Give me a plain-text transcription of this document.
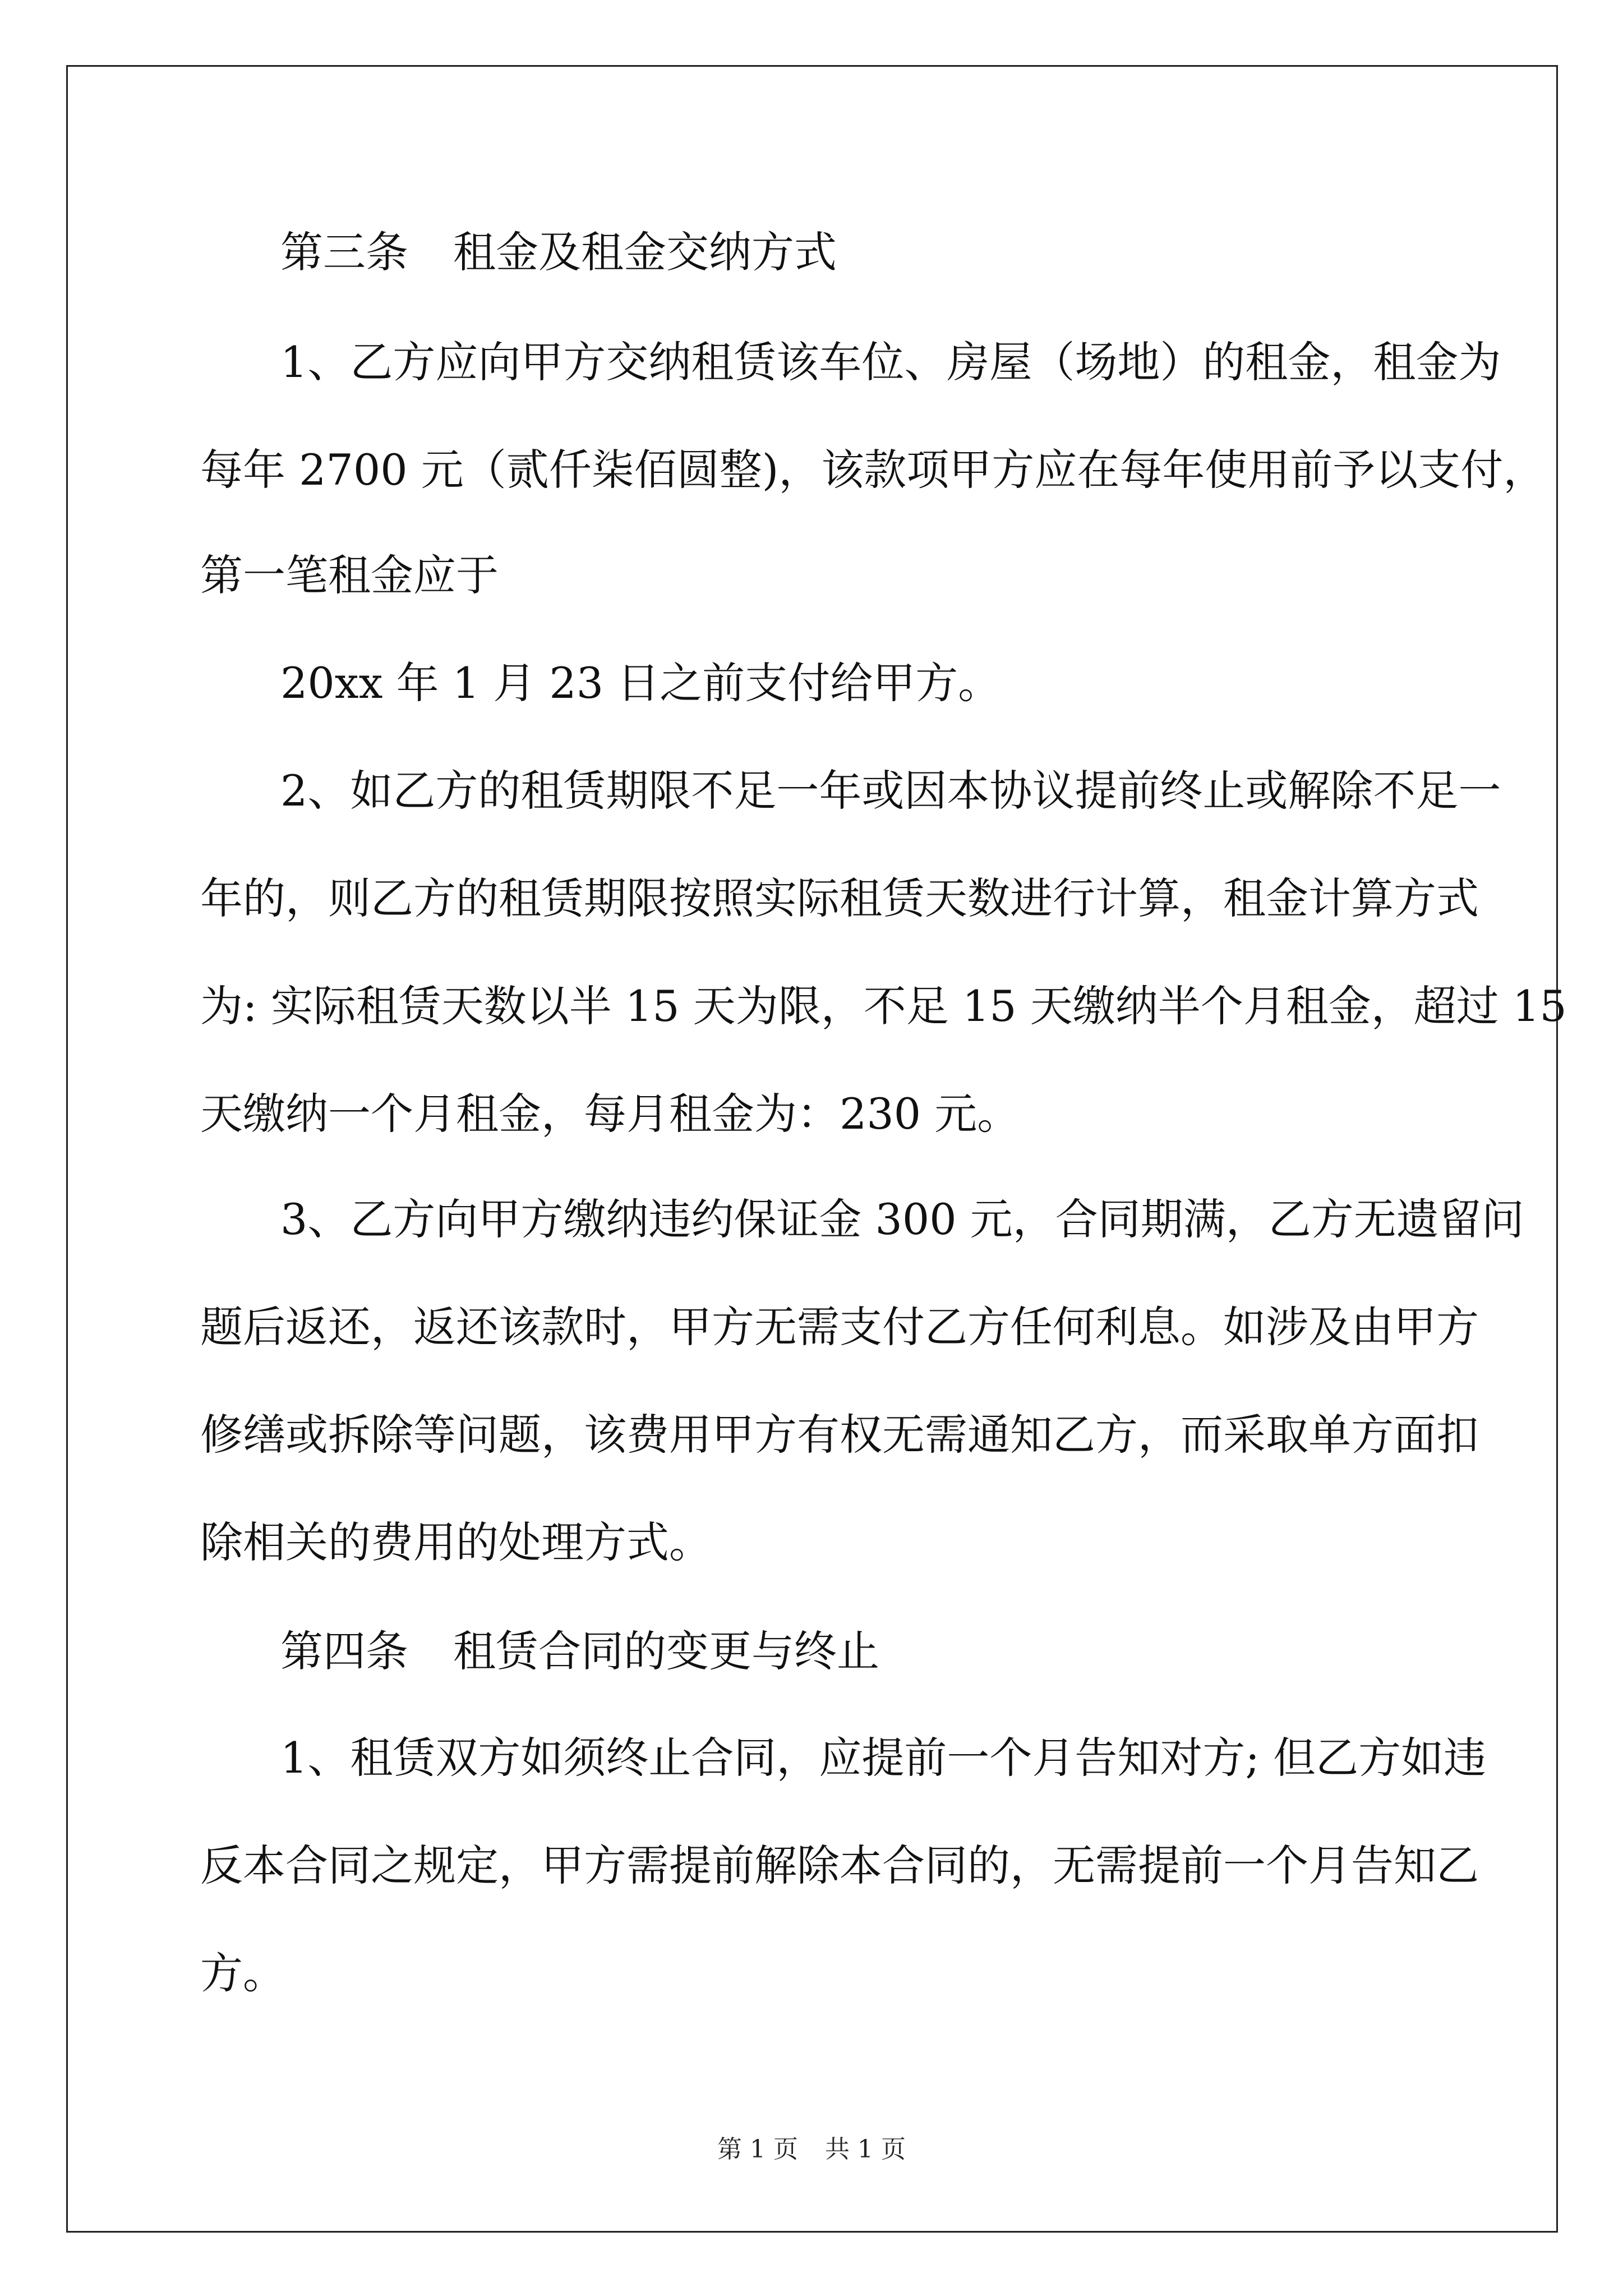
第三条 租金及租金交纳方式

1、乙方应向甲方交纳租赁该车位、房屋（场地）的租金，租金为

每年 2700 元（贰仟柒佰圆整)，该款项甲方应在每年使用前予以支付，

第一笔租金应于

20xx 年 1 月 23 日之前支付给甲方。

2、如乙方的租赁期限不足一年或因本协议提前终止或解除不足一

年的，则乙方的租赁期限按照实际租赁天数进行计算，租金计算方式

为: 实际租赁天数以半 15 天为限，不足 15 天缴纳半个月租金，超过 15

天缴纳一个月租金，每月租金为：230 元。

3、乙方向甲方缴纳违约保证金 300 元，合同期满，乙方无遗留问

题后返还，返还该款时，甲方无需支付乙方任何利息。如涉及由甲方

修缮或拆除等问题，该费用甲方有权无需通知乙方，而采取单方面扣

除相关的费用的处理方式。

第四条 租赁合同的变更与终止

1、租赁双方如须终止合同，应提前一个月告知对方; 但乙方如违

反本合同之规定，甲方需提前解除本合同的，无需提前一个月告知乙

方。

第 1 页 共 1 页
